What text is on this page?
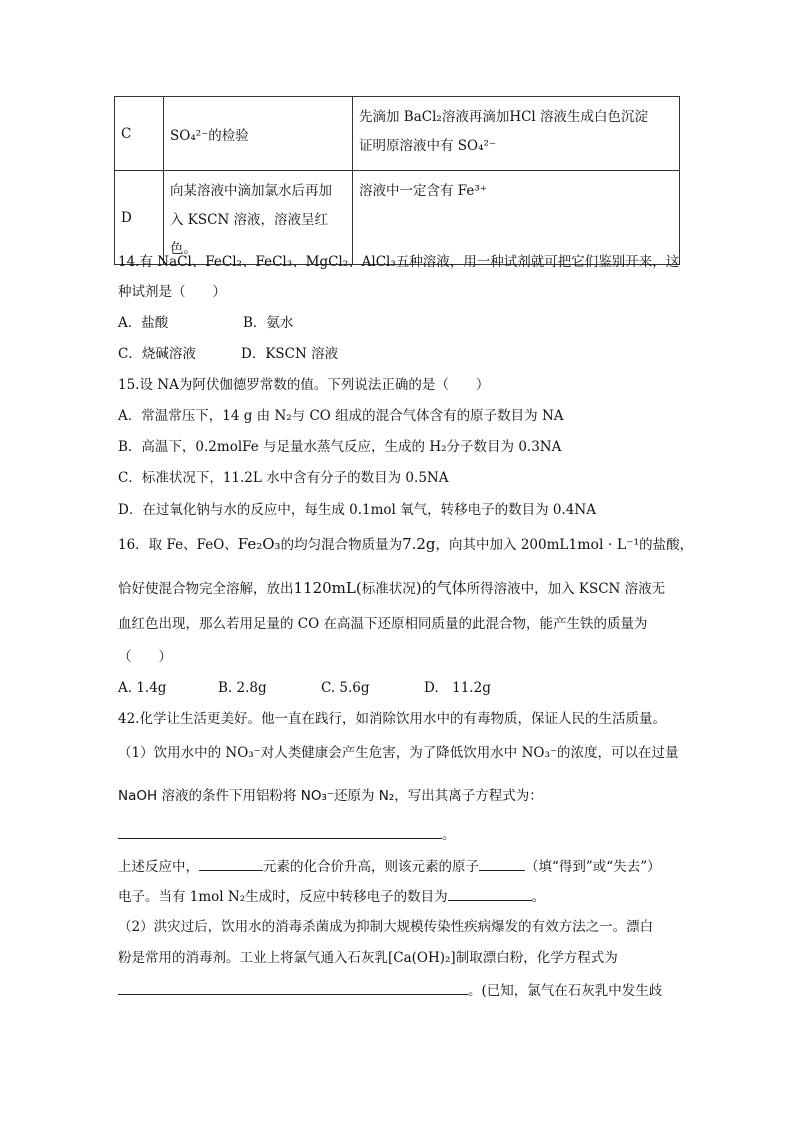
C	SO₄²⁻的检验	先滴加 BaCl₂溶液再滴加HCl 溶液生成白色沉淀
证明原溶液中有 SO₄²⁻

D	向某溶液中滴加氯水后再加
入 KSCN 溶液，溶液呈红色。	溶液中一定含有 Fe³⁺
14.有 NaCl、FeCl₂、FeCl₃、MgCl₂、AlCl₃五种溶液，用一种试剂就可把它们鉴别开来，这
种试剂是（　　）
A．盐酸	B．氨水
C．烧碱溶液	D．KSCN 溶液
15.设 NA为阿伏伽德罗常数的值。下列说法正确的是（　　）
A．常温常压下，14 g 由 N₂与 CO 组成的混合气体含有的原子数目为 NA
B．高温下，0.2molFe 与足量水蒸气反应，生成的 H₂分子数目为 0.3NA
C．标准状况下，11.2L 水中含有分子的数目为 0.5NA
D．在过氧化钠与水的反应中，每生成 0.1mol 氧气，转移电子的数目为 0.4NA
16．取 Fe、FeO、Fe₂O₃的均匀混合物质量为7.2g，向其中加入 200mL1mol · L⁻¹的盐酸，
恰好使混合物完全溶解，放出1120mL(标准状况)的气体所得溶液中，加入 KSCN 溶液无
血红色出现，那么若用足量的 CO 在高温下还原相同质量的此混合物，能产生铁的质量为
（　　）
A. 1.4g	B. 2.8g	C. 5.6g	D.　11.2g
42.化学让生活更美好。他一直在践行，如消除饮用水中的有毒物质，保证人民的生活质量。
（1）饮用水中的 NO₃⁻对人类健康会产生危害，为了降低饮用水中 NO₃⁻的浓度，可以在过量
NaOH 溶液的条件下用铝粉将 NO₃⁻还原为 N₂，写出其离子方程式为：
。
上述反应中，	元素的化合价升高，则该元素的原子	（填“得到”或“失去”）
电子。当有 1mol N₂生成时，反应中转移电子的数目为	。
（2）洪灾过后，饮用水的消毒杀菌成为抑制大规模传染性疾病爆发的有效方法之一。漂白
粉是常用的消毒剂。工业上将氯气通入石灰乳[Ca(OH)₂]制取漂白粉，化学方程式为
。(已知，氯气在石灰乳中发生歧
